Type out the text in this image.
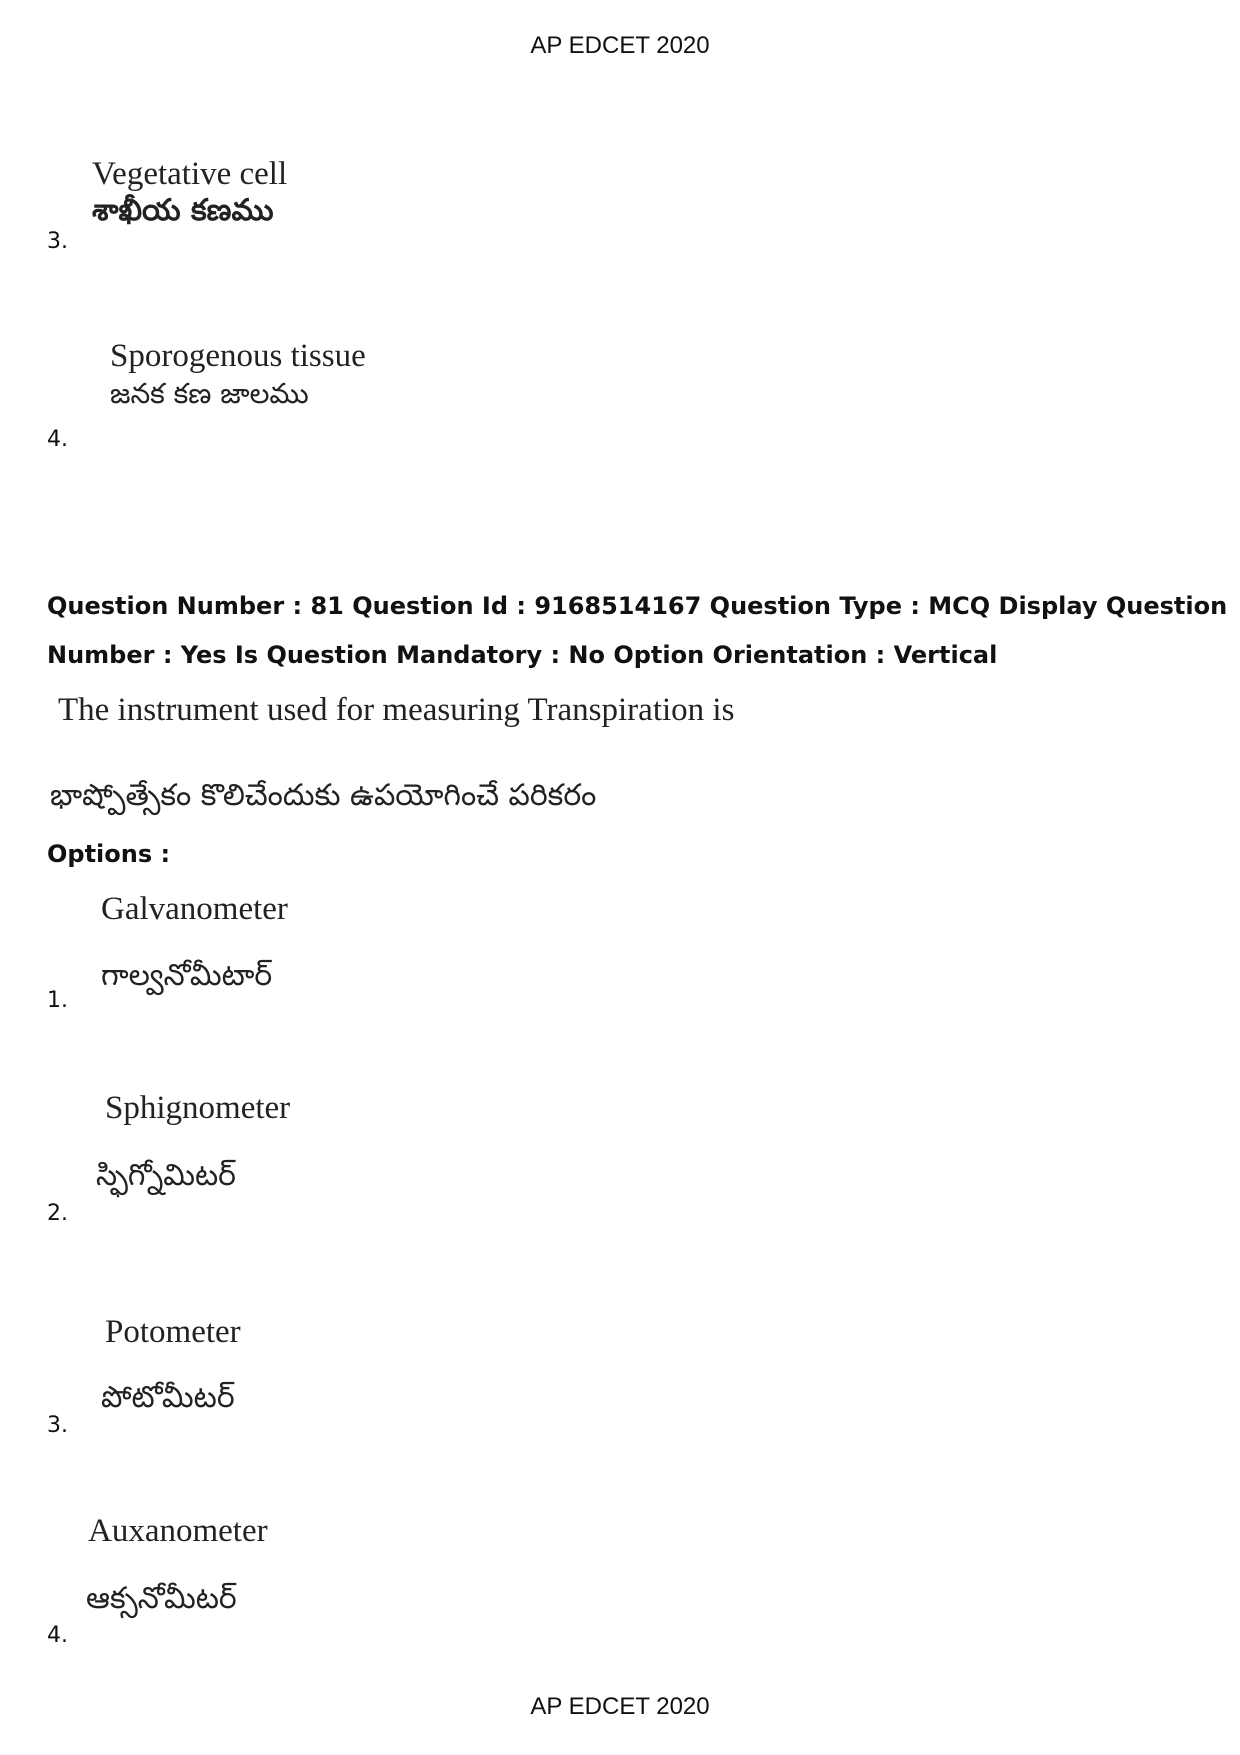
AP EDCET 2020
Vegetative cell
శాఖీయ కణము
3.
Sporogenous tissue
జనక కణ జాలము
4.
Question Number : 81 Question Id : 9168514167 Question Type : MCQ Display Question
Number : Yes Is Question Mandatory : No Option Orientation : Vertical
The instrument used for measuring Transpiration is
భాష్పోత్సేకం కొలిచేందుకు ఉపయోగించే పరికరం
Options :
Galvanometer
గాల్వనోమీటార్
1.
Sphignometer
స్ఫిగ్నోమిటర్
2.
Potometer
పోటోమీటర్
3.
Auxanometer
ఆక్సనోమీటర్
4.
AP EDCET 2020
